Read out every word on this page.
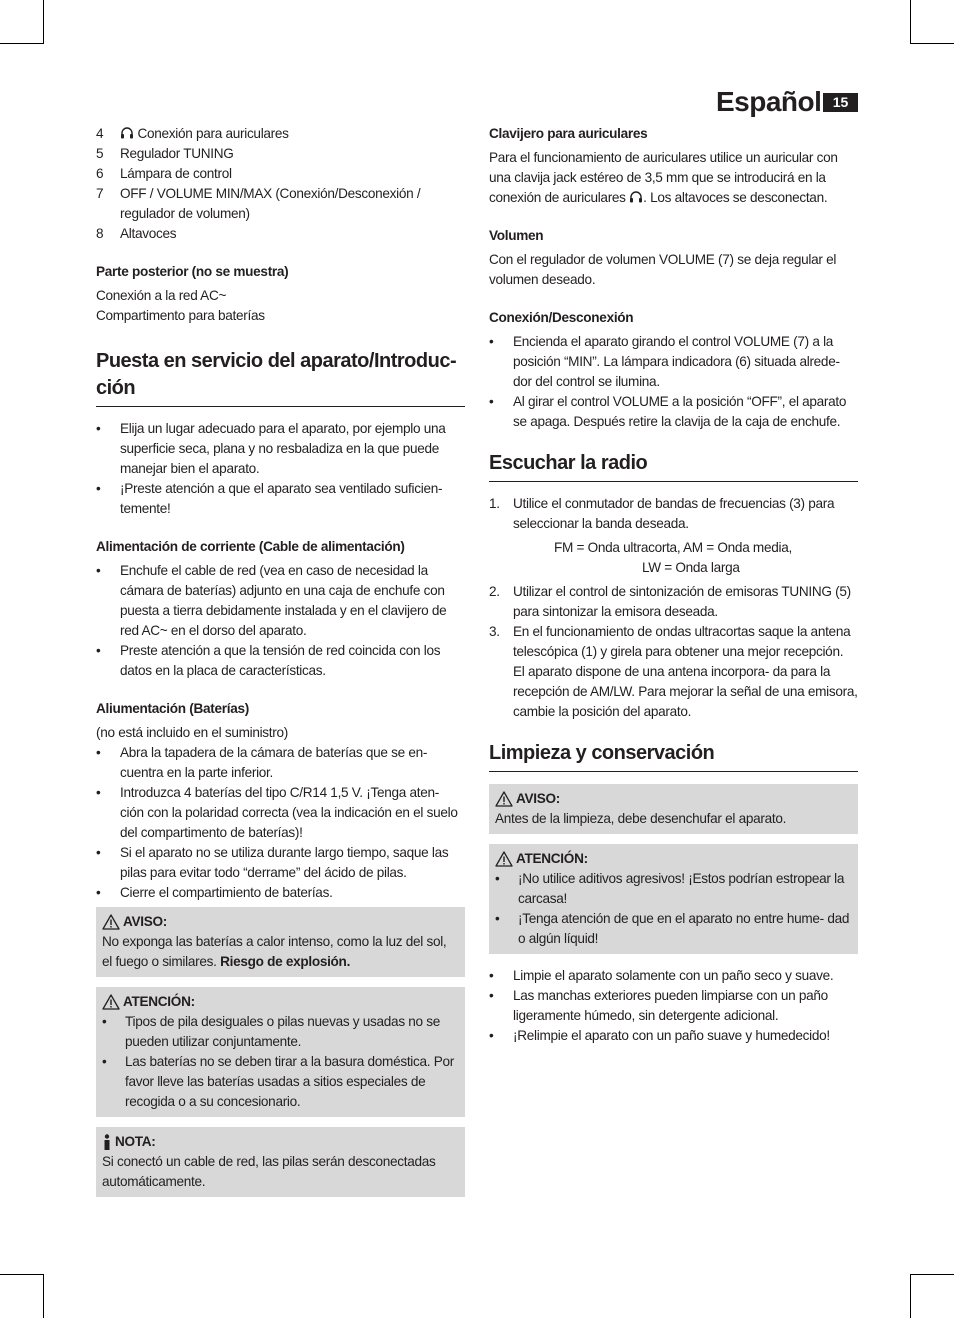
Español 15
4 Conexión para auriculares
5 Regulador TUNING
6 Lámpara de control
7 OFF / VOLUME MIN/MAX (Conexión/Desconexión / regulador de volumen)
8 Altavoces

Parte posterior (no se muestra)

Conexión a la red AC~

Compartimento para baterías

Puesta en servicio del aparato/Introduc-
ción
• Elija un lugar adecuado para el aparato, por ejemplo una superficie seca, plana y no resbaladiza en la que puede manejar bien el aparato.
• ¡Preste atención a que el aparato sea ventilado suficien- temente!

Alimentación de corriente (Cable de alimentación)

• Enchufe el cable de red (vea en caso de necesidad la cámara de baterías) adjunto en una caja de enchufe con puesta a tierra debidamente instalada y en el clavijero de red AC~ en el dorso del aparato.
• Preste atención a que la tensión de red coincida con los datos en la placa de características.

Aliumentación (Baterías)

(no está incluido en el suministro)

• Abra la tapadera de la cámara de baterías que se en- cuentra en la parte inferior.
• Introduzca 4 baterías del tipo C/R14 1,5 V. ¡Tenga aten- ción con la polaridad correcta (vea la indicación en el suelo del compartimento de baterías)!
• Si el aparato no se utiliza durante largo tiempo, saque las pilas para evitar todo “derrame” del ácido de pilas.
• Cierre el compartimiento de baterías.
AVISO:

No exponga las baterías a calor intenso, como la luz del sol, el fuego o similares. Riesgo de explosión.

ATENCIÓN:
• Tipos de pila desiguales o pilas nuevas y usadas no se pueden utilizar conjuntamente.
• Las baterías no se deben tirar a la basura doméstica. Por favor lleve las baterías usadas a sitios especiales de recogida o a su concesionario.
NOTA:

Si conectó un cable de red, las pilas serán desconectadas automáticamente.

Clavijero para auriculares

Para el funcionamiento de auriculares utilice un auricular con una clavija jack estéreo de 3,5 mm que se introducirá en la conexión de auriculares . Los altavoces se desconectan.

Volumen

Con el regulador de volumen VOLUME (7) se deja regular el volumen deseado.

Conexión/Desconexión

• Encienda el aparato girando el control VOLUME (7) a la posición “MIN”. La lámpara indicadora (6) situada alrede- dor del control se ilumina.
• Al girar el control VOLUME a la posición “OFF”, el aparato se apaga. Después retire la clavija de la caja de enchufe.
Escuchar la radio
1. Utilice el conmutador de bandas de frecuencias (3) para seleccionar la banda deseada.
FM = Onda ultracorta, AM = Onda media,
LW = Onda larga
2. Utilizar el control de sintonización de emisoras TUNING (5) para sintonizar la emisora deseada.
3. En el funcionamiento de ondas ultracortas saque la antena telescópica (1) y girela para obtener una mejor recepción. El aparato dispone de una antena incorpora- da para la recepción de AM/LW. Para mejorar la señal de una emisora, cambie la posición del aparato.
Limpieza y conservación
AVISO:

Antes de la limpieza, debe desenchufar el aparato.

ATENCIÓN:
• ¡No utilice aditivos agresivos! ¡Estos podrían estropear la carcasa!
• ¡Tenga atención de que en el aparato no entre hume- dad o algún líquid!
• Limpie el aparato solamente con un paño seco y suave.
• Las manchas exteriores pueden limpiarse con un paño ligeramente húmedo, sin detergente adicional.
• ¡Relimpie el aparato con un paño suave y humedecido!
